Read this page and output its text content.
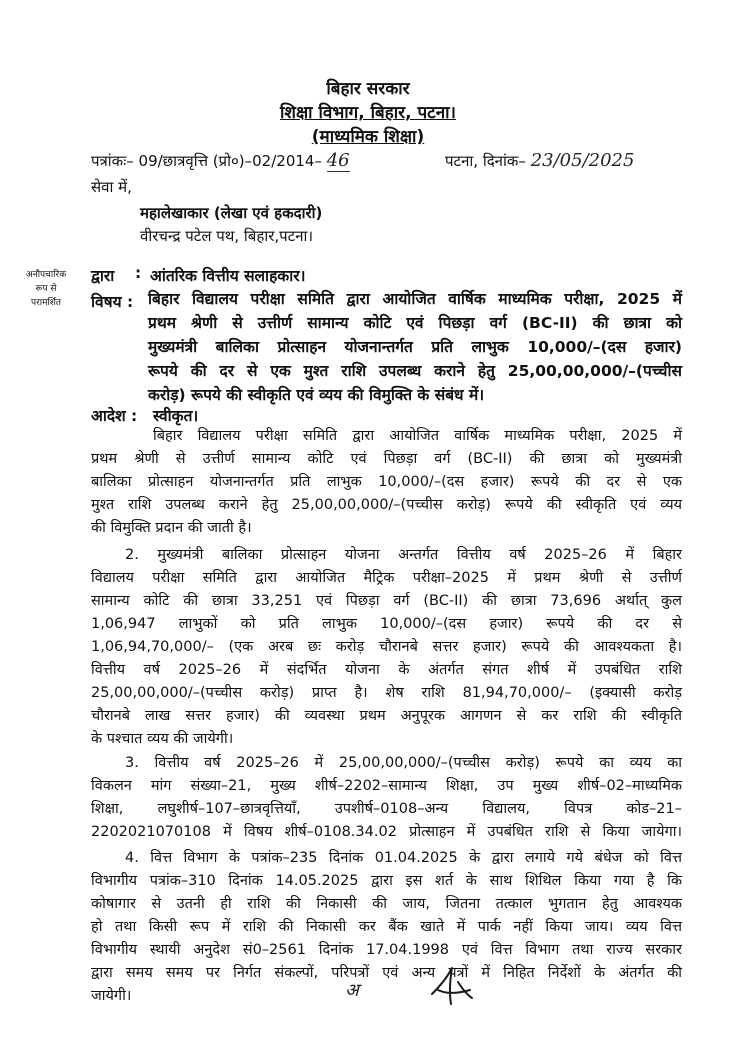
बिहार सरकार
शिक्षा विभाग, बिहार, पटना।
(माध्यमिक शिक्षा)
पत्रांकः– 09/छात्रवृत्ति (प्रो०)–02/2014– 46	पटना, दिनांक– 23/05/2025
सेवा में,
महालेखाकार (लेखा एवं हकदारी)
वीरचन्द्र पटेल पथ, बिहार,पटना।
अनौपचारिक
रूप से
परामर्शित
द्वारा : आंतरिक वित्तीय सलाहकार।
विषय : बिहार विद्यालय परीक्षा समिति द्वारा आयोजित वार्षिक माध्यमिक परीक्षा, 2025 में
प्रथम श्रेणी से उत्तीर्ण सामान्य कोटि एवं पिछड़ा वर्ग (BC-II) की छात्रा को
मुख्यमंत्री बालिका प्रोत्साहन योजनान्तर्गत प्रति लाभुक 10,000/–(दस हजार)
रूपये की दर से एक मुश्त राशि उपलब्ध कराने हेतु 25,00,00,000/–(पच्चीस
करोड़) रूपये की स्वीकृति एवं व्यय की विमुक्ति के संबंध में।
आदेश : स्वीकृत।
बिहार विद्यालय परीक्षा समिति द्वारा आयोजित वार्षिक माध्यमिक परीक्षा, 2025 में
प्रथम श्रेणी से उत्तीर्ण सामान्य कोटि एवं पिछड़ा वर्ग (BC-II) की छात्रा को मुख्यमंत्री
बालिका प्रोत्साहन योजनान्तर्गत प्रति लाभुक 10,000/–(दस हजार) रूपये की दर से एक
मुश्त राशि उपलब्ध कराने हेतु 25,00,00,000/–(पच्चीस करोड़) रूपये की स्वीकृति एवं व्यय
की विमुक्ति प्रदान की जाती है।
2. मुख्यमंत्री बालिका प्रोत्साहन योजना अन्तर्गत वित्तीय वर्ष 2025–26 में बिहार
विद्यालय परीक्षा समिति द्वारा आयोजित मैट्रिक परीक्षा–2025 में प्रथम श्रेणी से उत्तीर्ण
सामान्य कोटि की छात्रा 33,251 एवं पिछड़ा वर्ग (BC-II) की छात्रा 73,696 अर्थात् कुल
1,06,947 लाभुकों को प्रति लाभुक 10,000/–(दस हजार) रूपये की दर से
1,06,94,70,000/– (एक अरब छः करोड़ चौरानबे सत्तर हजार) रूपये की आवश्यकता है।
वित्तीय वर्ष 2025–26 में संदर्भित योजना के अंतर्गत संगत शीर्ष में उपबंधित राशि
25,00,00,000/–(पच्चीस करोड़) प्राप्त है। शेष राशि 81,94,70,000/– (इक्यासी करोड़
चौरानबे लाख सत्तर हजार) की व्यवस्था प्रथम अनुपूरक आगणन से कर राशि की स्वीकृति
के पश्चात व्यय की जायेगी।
3. वित्तीय वर्ष 2025–26 में 25,00,00,000/–(पच्चीस करोड़) रूपये का व्यय का
विकलन मांग संख्या–21, मुख्य शीर्ष–2202–सामान्य शिक्षा, उप मुख्य शीर्ष–02–माध्यमिक
शिक्षा, लघुशीर्ष–107–छात्रवृत्तियॉं, उपशीर्ष–0108–अन्य विद्यालय, विपत्र कोड–21–
2202021070108 में विषय शीर्ष–0108.34.02 प्रोत्साहन में उपबंधित राशि से किया जायेगा।
4. वित्त विभाग के पत्रांक–235 दिनांक 01.04.2025 के द्वारा लगाये गये बंधेज को वित्त
विभागीय पत्रांक–310 दिनांक 14.05.2025 द्वारा इस शर्त के साथ शिथिल किया गया है कि
कोषागार से उतनी ही राशि की निकासी की जाय, जितना तत्काल भुगतान हेतु आवश्यक
हो तथा किसी रूप में राशि की निकासी कर बैंक खाते में पार्क नहीं किया जाय। व्यय वित्त
विभागीय स्थायी अनुदेश सं0–2561 दिनांक 17.04.1998 एवं वित्त विभाग तथा राज्य सरकार
द्वारा समय समय पर निर्गत संकल्पों, परिपत्रों एवं अन्य पत्रों में निहित निर्देशों के अंतर्गत की
जायेगी।	अ
